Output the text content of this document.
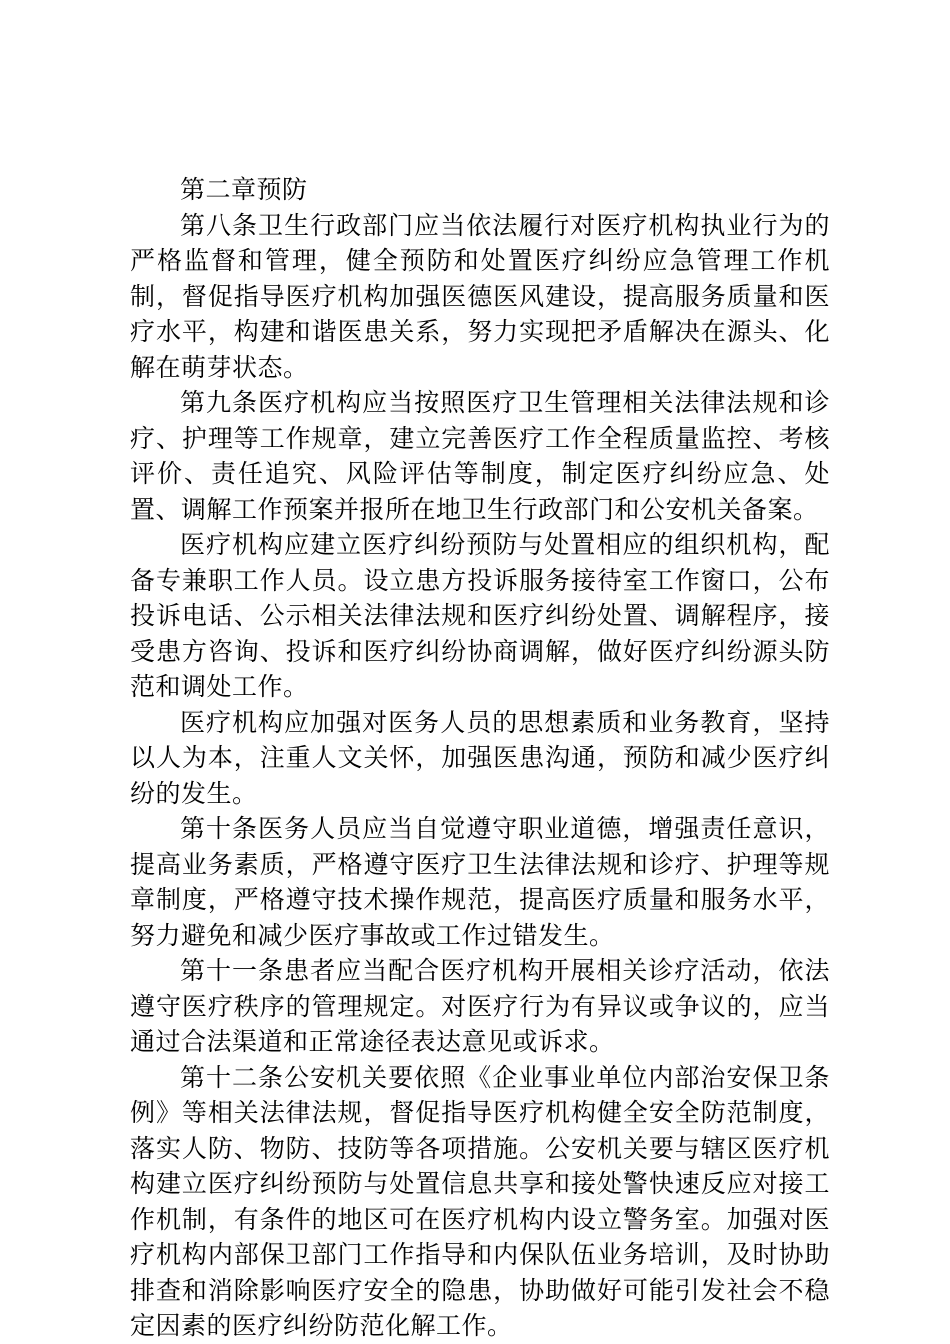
第二章预防

第八条卫生行政部门应当依法履行对医疗机构执业行为的严格监督和管理，健全预防和处置医疗纠纷应急管理工作机制，督促指导医疗机构加强医德医风建设，提高服务质量和医疗水平，构建和谐医患关系，努力实现把矛盾解决在源头、化解在萌芽状态。

第九条医疗机构应当按照医疗卫生管理相关法律法规和诊疗、护理等工作规章，建立完善医疗工作全程质量监控、考核评价、责任追究、风险评估等制度，制定医疗纠纷应急、处置、调解工作预案并报所在地卫生行政部门和公安机关备案。

医疗机构应建立医疗纠纷预防与处置相应的组织机构，配备专兼职工作人员。设立患方投诉服务接待室工作窗口，公布投诉电话、公示相关法律法规和医疗纠纷处置、调解程序，接受患方咨询、投诉和医疗纠纷协商调解，做好医疗纠纷源头防范和调处工作。

医疗机构应加强对医务人员的思想素质和业务教育，坚持以人为本，注重人文关怀，加强医患沟通，预防和减少医疗纠纷的发生。

第十条医务人员应当自觉遵守职业道德，增强责任意识，提高业务素质，严格遵守医疗卫生法律法规和诊疗、护理等规章制度，严格遵守技术操作规范，提高医疗质量和服务水平，努力避免和减少医疗事故或工作过错发生。

第十一条患者应当配合医疗机构开展相关诊疗活动，依法遵守医疗秩序的管理规定。对医疗行为有异议或争议的，应当通过合法渠道和正常途径表达意见或诉求。

第十二条公安机关要依照《企业事业单位内部治安保卫条例》等相关法律法规，督促指导医疗机构健全安全防范制度，落实人防、物防、技防等各项措施。公安机关要与辖区医疗机构建立医疗纠纷预防与处置信息共享和接处警快速反应对接工作机制，有条件的地区可在医疗机构内设立警务室。加强对医疗机构内部保卫部门工作指导和内保队伍业务培训，及时协助排查和消除影响医疗安全的隐患，协助做好可能引发社会不稳定因素的医疗纠纷防范化解工作。
